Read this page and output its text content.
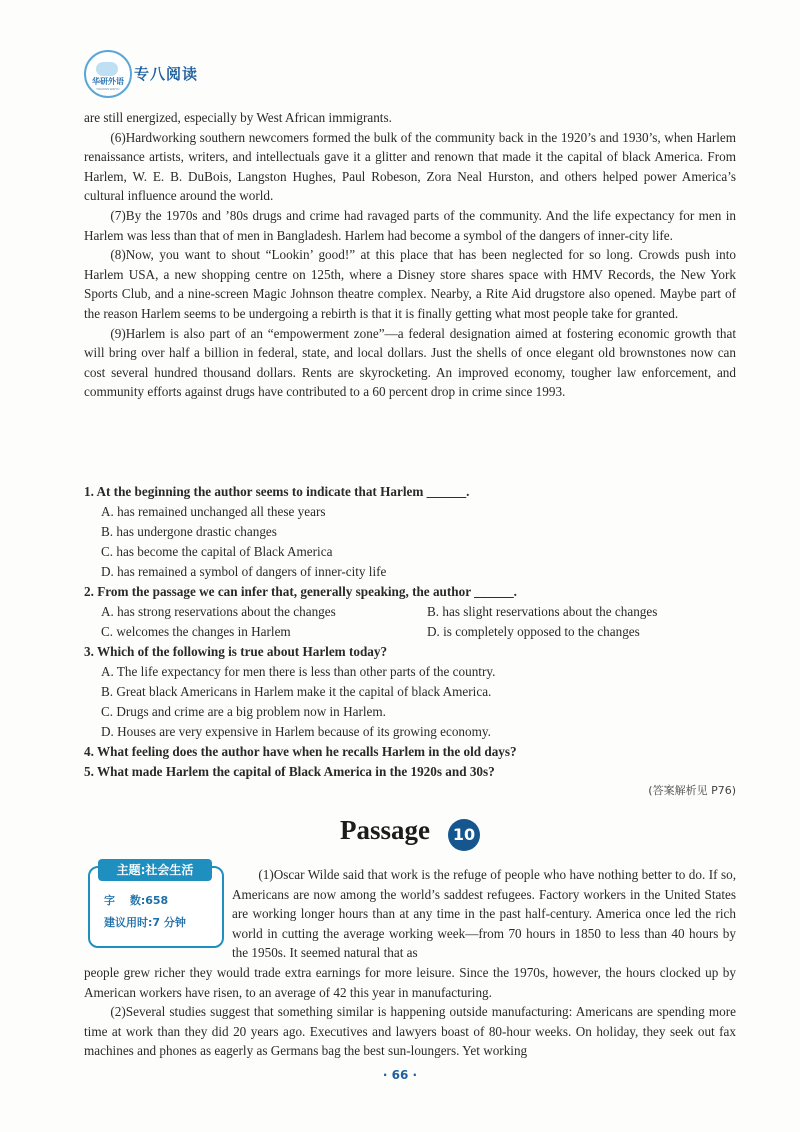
华研外语
HUAYAN WAIYU
专八阅读

are still energized, especially by West African immigrants.

(6)Hardworking southern newcomers formed the bulk of the community back in the 1920’s and 1930’s, when Harlem renaissance artists, writers, and intellectuals gave it a glitter and renown that made it the capital of black America. From Harlem, W. E. B. DuBois, Langston Hughes, Paul Robeson, Zora Neal Hurston, and others helped power America’s cultural influence around the world.

(7)By the 1970s and ’80s drugs and crime had ravaged parts of the community. And the life expectancy for men in Harlem was less than that of men in Bangladesh. Harlem had become a symbol of the dangers of inner-city life.

(8)Now, you want to shout “Lookin’ good!” at this place that has been neglected for so long. Crowds push into Harlem USA, a new shopping centre on 125th, where a Disney store shares space with HMV Records, the New York Sports Club, and a nine-screen Magic Johnson theatre complex. Nearby, a Rite Aid drugstore also opened. Maybe part of the reason Harlem seems to be undergoing a rebirth is that it is finally getting what most people take for granted.

(9)Harlem is also part of an “empowerment zone”—a federal designation aimed at fostering economic growth that will bring over half a billion in federal, state, and local dollars. Just the shells of once elegant old brownstones now can cost several hundred thousand dollars. Rents are skyrocketing. An improved economy, tougher law enforcement, and community efforts against drugs have contributed to a 60 percent drop in crime since 1993.

1. At the beginning the author seems to indicate that Harlem ______.
A. has remained unchanged all these years
B. has undergone drastic changes
C. has become the capital of Black America
D. has remained a symbol of dangers of inner-city life
2. From the passage we can infer that, generally speaking, the author ______.
A. has strong reservations about the changes	B. has slight reservations about the changes
C. welcomes the changes in Harlem	D. is completely opposed to the changes
3. Which of the following is true about Harlem today?
A. The life expectancy for men there is less than other parts of the country.
B. Great black Americans in Harlem make it the capital of black America.
C. Drugs and crime are a big problem now in Harlem.
D. Houses are very expensive in Harlem because of its growing economy.
4. What feeling does the author have when he recalls Harlem in the old days?
5. What made Harlem the capital of Black America in the 1920s and 30s?
(答案解析见 P76)
Passage	10
主题:社会生活
字　 数:658
建议用时:7 分钟

(1)Oscar Wilde said that work is the refuge of people who have nothing better to do. If so, Americans are now among the world’s saddest refugees. Factory workers in the United States are working longer hours than at any time in the past half-century. America once led the rich world in cutting the average working week—from 70 hours in 1850 to less than 40 hours by the 1950s. It seemed natural that as

people grew richer they would trade extra earnings for more leisure. Since the 1970s, however, the hours clocked up by American workers have risen, to an average of 42 this year in manufacturing.

(2)Several studies suggest that something similar is happening outside manufacturing: Americans are spending more time at work than they did 20 years ago. Executives and lawyers boast of 80-hour weeks. On holiday, they seek out fax machines and phones as eagerly as Germans bag the best sun-loungers. Yet working

· 66 ·
